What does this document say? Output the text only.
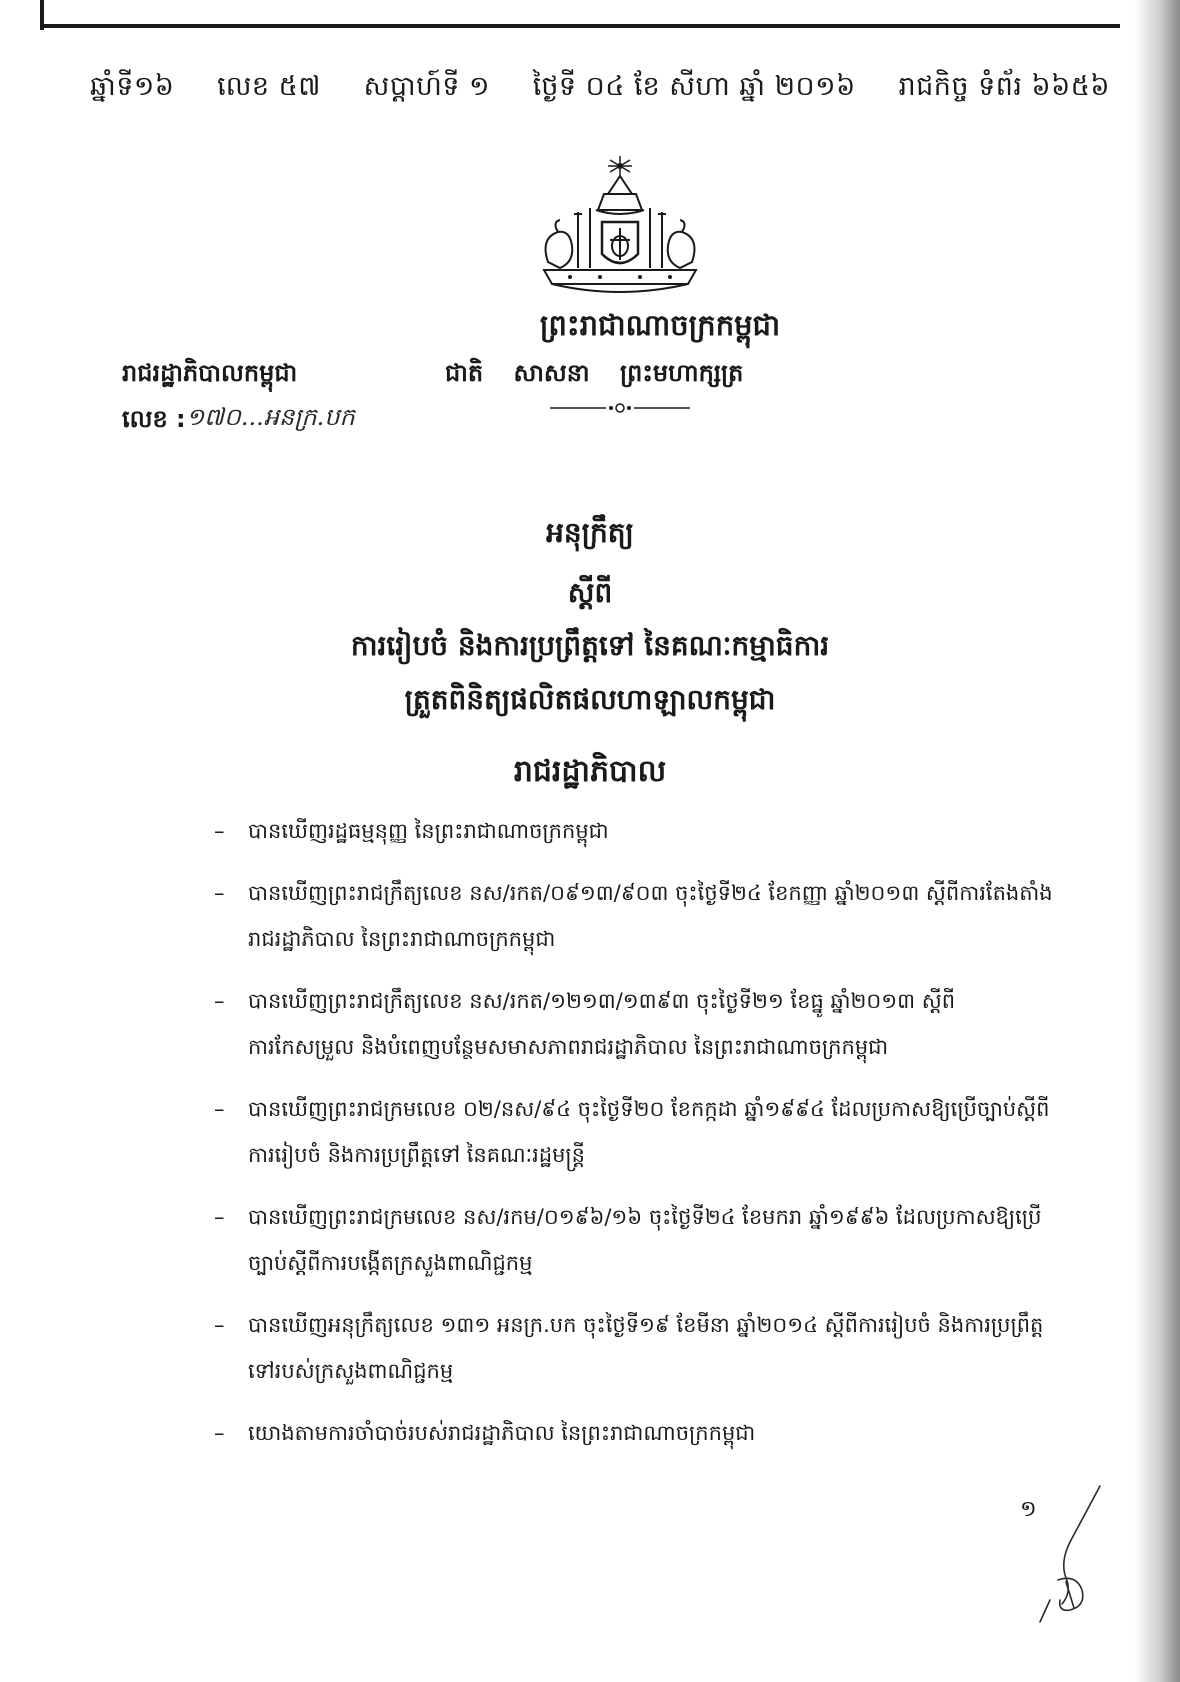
ឆ្នាំទី១៦ លេខ ៥៧ សប្តាហ៍ទី ១ ថ្ងៃទី ០៤ ខែ សីហា ឆ្នាំ ២០១៦ រាជកិច្ច ទំព័រ ៦៦៥៦
ព្រះរាជាណាចក្រកម្ពុជា
រាជរដ្ឋាភិបាលកម្ពុជា	ជាតិ សាសនា ព្រះមហាក្សត្រ
លេខ : ១៧០...អនក្រ.បក
អនុក្រឹត្យ
ស្តីពី
ការរៀបចំ និងការប្រព្រឹត្តទៅ នៃគណៈកម្មាធិការ
ត្រួតពិនិត្យផលិតផលហាឡាលកម្ពុជា
រាជរដ្ឋាភិបាល
–	បានឃើញរដ្ឋធម្មនុញ្ញ នៃព្រះរាជាណាចក្រកម្ពុជា
–	បានឃើញព្រះរាជក្រឹត្យលេខ នស/រកត/០៩១៣/៩០៣ ចុះថ្ងៃទី២៤ ខែកញ្ញា ឆ្នាំ២០១៣ ស្តីពីការតែងតាំងរាជរដ្ឋាភិបាល នៃព្រះរាជាណាចក្រកម្ពុជា
–	បានឃើញព្រះរាជក្រឹត្យលេខ នស/រកត/១២១៣/១៣៩៣ ចុះថ្ងៃទី២១ ខែធ្នូ ឆ្នាំ២០១៣ ស្តីពីការកែសម្រួល និងបំពេញបន្ថែមសមាសភាពរាជរដ្ឋាភិបាល នៃព្រះរាជាណាចក្រកម្ពុជា
–	បានឃើញព្រះរាជក្រមលេខ ០២/នស/៩៤ ចុះថ្ងៃទី២០ ខែកក្កដា ឆ្នាំ១៩៩៤ ដែលប្រកាសឱ្យប្រើច្បាប់ស្តីពីការរៀបចំ និងការប្រព្រឹត្តទៅ នៃគណៈរដ្ឋមន្ត្រី
–	បានឃើញព្រះរាជក្រមលេខ នស/រកម/០១៩៦/១៦ ចុះថ្ងៃទី២៤ ខែមករា ឆ្នាំ១៩៩៦ ដែលប្រកាសឱ្យប្រើច្បាប់ស្តីពីការបង្កើតក្រសួងពាណិជ្ជកម្ម
–	បានឃើញអនុក្រឹត្យលេខ ១៣១ អនក្រ.បក ចុះថ្ងៃទី១៩ ខែមីនា ឆ្នាំ២០១៤ ស្តីពីការរៀបចំ និងការប្រព្រឹត្តទៅរបស់ក្រសួងពាណិជ្ជកម្ម
–	យោងតាមការចាំបាច់របស់រាជរដ្ឋាភិបាល នៃព្រះរាជាណាចក្រកម្ពុជា
១
